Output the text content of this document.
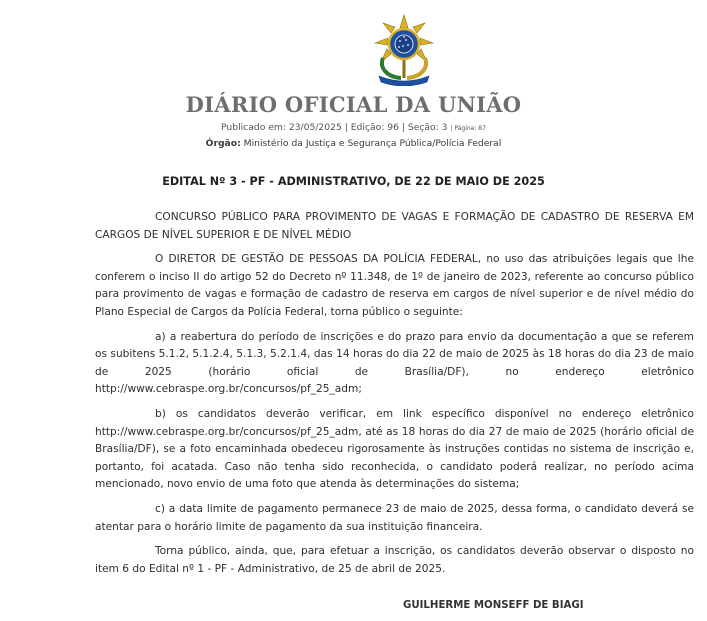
DIÁRIO OFICIAL DA UNIÃO
Publicado em: 23/05/2025 | Edição: 96 | Seção: 3 | Página: 87
Órgão: Ministério da Justiça e Segurança Pública/Polícia Federal
EDITAL Nº 3 - PF - ADMINISTRATIVO, DE 22 DE MAIO DE 2025

CONCURSO PÚBLICO PARA PROVIMENTO DE VAGAS E FORMAÇÃO DE CADASTRO DE RESERVA EM CARGOS DE NÍVEL SUPERIOR E DE NÍVEL MÉDIO

O DIRETOR DE GESTÃO DE PESSOAS DA POLÍCIA FEDERAL, no uso das atribuições legais que lhe conferem o inciso II do artigo 52 do Decreto nº 11.348, de 1º de janeiro de 2023, referente ao concurso público para provimento de vagas e formação de cadastro de reserva em cargos de nível superior e de nível médio do Plano Especial de Cargos da Polícia Federal, torna público o seguinte:

a) a reabertura do período de inscrições e do prazo para envio da documentação a que se referem os subitens 5.1.2, 5.1.2.4, 5.1.3, 5.2.1.4, das 14 horas do dia 22 de maio de 2025 às 18 horas do dia 23 de maio de 2025 (horário oficial de Brasília/DF), no endereço eletrônico http://www.cebraspe.org.br/concursos/pf_25_adm;

b) os candidatos deverão verificar, em link específico disponível no endereço eletrônico http://www.cebraspe.org.br/concursos/pf_25_adm, até as 18 horas do dia 27 de maio de 2025 (horário oficial de Brasília/DF), se a foto encaminhada obedeceu rigorosamente às instruções contidas no sistema de inscrição e, portanto, foi acatada. Caso não tenha sido reconhecida, o candidato poderá realizar, no período acima mencionado, novo envio de uma foto que atenda às determinações do sistema;

c) a data limite de pagamento permanece 23 de maio de 2025, dessa forma, o candidato deverá se atentar para o horário limite de pagamento da sua instituição financeira.

Torna público, ainda, que, para efetuar a inscrição, os candidatos deverão observar o disposto no item 6 do Edital nº 1 - PF - Administrativo, de 25 de abril de 2025.

GUILHERME MONSEFF DE BIAGI
